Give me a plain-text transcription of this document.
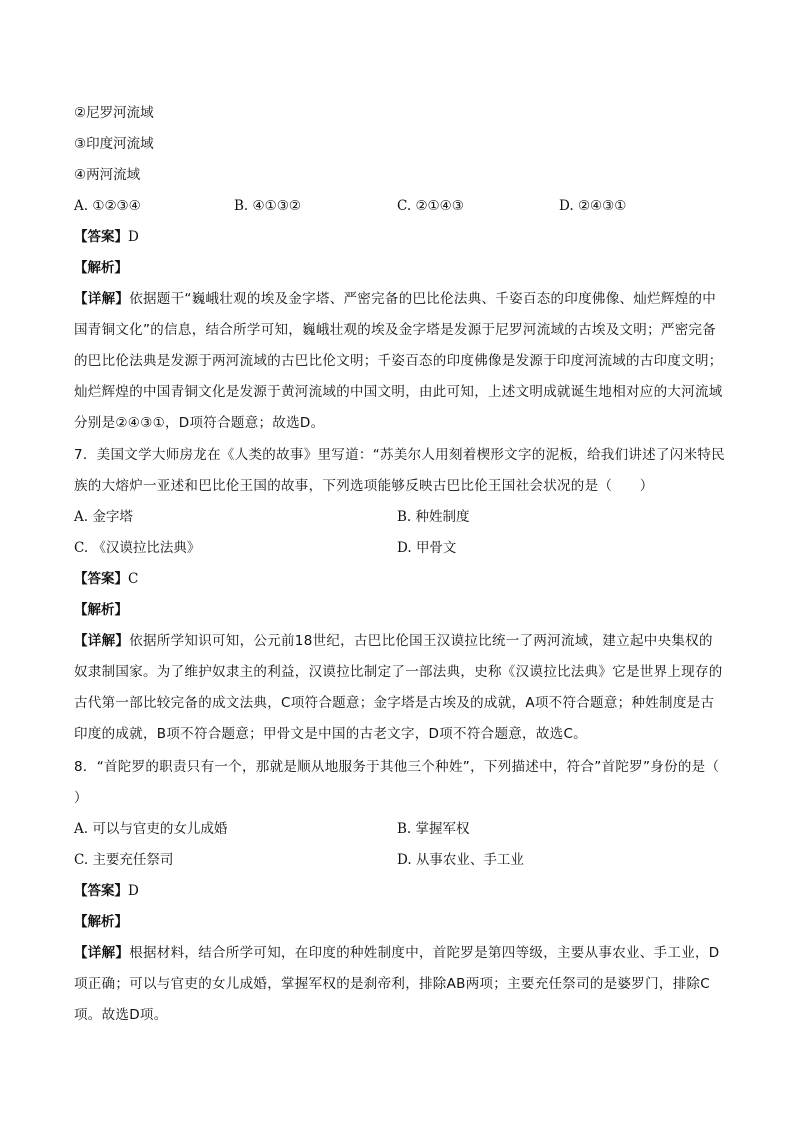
②尼罗河流域
③印度河流域
④两河流域
A. ①②③④	B. ④①③②	C. ②①④③	D. ②④③①
【答案】D
【解析】
【详解】依据题干“巍峨壮观的埃及金字塔、严密完备的巴比伦法典、千姿百态的印度佛像、灿烂辉煌的中国青铜文化”的信息，结合所学可知，巍峨壮观的埃及金字塔是发源于尼罗河流域的古埃及文明；严密完备的巴比伦法典是发源于两河流域的古巴比伦文明；千姿百态的印度佛像是发源于印度河流域的古印度文明；灿烂辉煌的中国青铜文化是发源于黄河流域的中国文明，由此可知，上述文明成就诞生地相对应的大河流域分别是②④③①，D项符合题意；故选D。
7．美国文学大师房龙在《人类的故事》里写道：“苏美尔人用刻着楔形文字的泥板，给我们讲述了闪米特民族的大熔炉一亚述和巴比伦王国的故事，下列选项能够反映古巴比伦王国社会状况的是（　　）
A. 金字塔	B. 种姓制度
C. 《汉谟拉比法典》	D. 甲骨文
【答案】C
【解析】
【详解】依据所学知识可知，公元前18世纪，古巴比伦国王汉谟拉比统一了两河流域，建立起中央集权的奴隶制国家。为了维护奴隶主的利益，汉谟拉比制定了一部法典，史称《汉谟拉比法典》它是世界上现存的古代第一部比较完备的成文法典，C项符合题意；金字塔是古埃及的成就，A项不符合题意；种姓制度是古印度的成就，B项不符合题意；甲骨文是中国的古老文字，D项不符合题意，故选C。
8．“首陀罗的职责只有一个，那就是顺从地服务于其他三个种姓”，下列描述中，符合”首陀罗”身份的是（　　）
A. 可以与官吏的女儿成婚	B. 掌握军权
C. 主要充任祭司	D. 从事农业、手工业
【答案】D
【解析】
【详解】根据材料，结合所学可知，在印度的种姓制度中，首陀罗是第四等级，主要从事农业、手工业，D项正确；可以与官吏的女儿成婚，掌握军权的是刹帝利，排除AB两项；主要充任祭司的是婆罗门，排除C项。故选D项。
